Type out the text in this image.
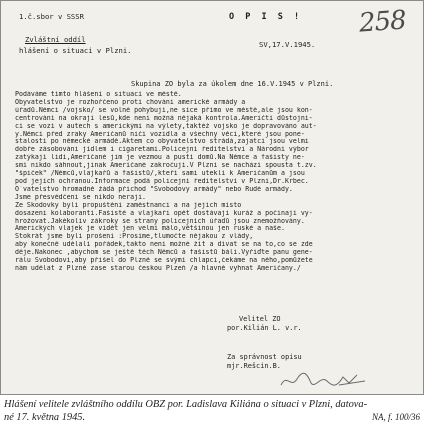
1.č.sbor v SSSR	O P I S ! 258
Zvláštní oddíl
hlášení o situaci v Plzni.
SV,17.V.1945.
Skupina ZO byla za úkolem dne 16.V.1945 v Plzni.
Podáváme tímto hlášení o situaci ve městě.
Obyvatelstvo je rozhořčeno proti chování americké armády a
úřadů.Němci /vojsko/ se volně pohybují,ne sice přímo ve městě,ale jsou kon-
centrování na okraji lesů,kde není možná nějaká kontrola.Američtí důstojní-
ci se vozí v autech s americkými na výlety,taktéž vojsko je dopravováno aut-
y.Němci před zraky Američanů ničí vozidla a všechny věci,které jsou pone-
stalosti po německé armádě.Aktem co obyvatelstvo strádá,zajatci jsou velmi
dobře zásobováni jídlem i cigaretami.Policejní ředitelství a Národní výbor
zatýkají lidi,Američané jim je vezmou a pustí domů.Na Němce a fašisty ne-
smí nikdo sáhnout,jinak Američané zakročují.V Plzni se nachází spousta t.zv.
"špiček" /Němců,vlajkařů a fašistů/,kteří sami utekli k Američanům a jsou
pod jejich ochranou.Informace podá policejní ředitelství v Plzni,Dr.Krbec.
O´vatelstvo hromadně žádá příchod "Svobodovy armády" nebo Rudé armády.
Jsme přesvědčeni se nikdo neraji.
Ze Škodovky byli propuštěni zaměstnanci a na jejich místo
dosazeni kolaboranti.Fašisté a vlajkaři opět dostávají kuráž a počínají vy-
hrožovat.Jakékoliv zákroky se strany policejních úřadů jsou znemožňovány.
Amerických vlajek je vidět jen velmi málo,většinou jen ruské a naše.
Stokrát jsme byli prošeni :Prosíme,tlumočte nějakou z vlády,
aby konečně udělali pořádek,takto není možné žít a dívat se na to,co se zde
děje.Nakonec ,abychom se ještě těch Němců a fašistů báli.Vyřiďte panu gene-
rálu Svobodovi,aby přišel do Plzně se svými chlapci,čekáme na něho,pomůžete
nám udělat z Plzně zase starou českou Plzeň /a hlavně vyhnat Američany./
Velitel ZO
por.Kilián L. v.r.
Za správnost opisu
mjr.Rešcin.B.
Hlášení velitele zvláštního oddílu OBZ por. Ladislava Kiliána o situaci v Plzni, datova-
né 17. května 1945.	NA, f. 100/36
